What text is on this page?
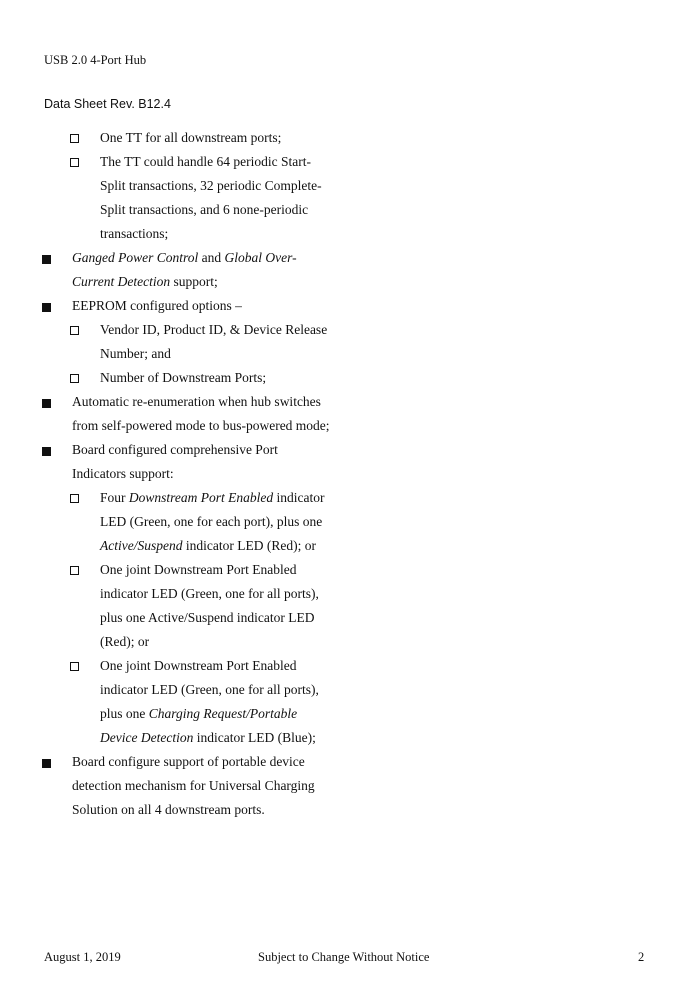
USB 2.0 4-Port Hub
Data Sheet Rev. B12.4
One TT for all downstream ports;
The TT could handle 64 periodic Start-Split transactions, 32 periodic Complete-Split transactions, and 6 none-periodic transactions;
Ganged Power Control and Global Over-Current Detection support;
EEPROM configured options –
Vendor ID, Product ID, & Device Release Number; and
Number of Downstream Ports;
Automatic re-enumeration when hub switches from self-powered mode to bus-powered mode;
Board configured comprehensive Port Indicators support:
Four Downstream Port Enabled indicator LED (Green, one for each port), plus one Active/Suspend indicator LED (Red); or
One joint Downstream Port Enabled indicator LED (Green, one for all ports), plus one Active/Suspend indicator LED (Red); or
One joint Downstream Port Enabled indicator LED (Green, one for all ports), plus one Charging Request/Portable Device Detection indicator LED (Blue);
Board configure support of portable device detection mechanism for Universal Charging Solution on all 4 downstream ports.
August 1, 2019	Subject to Change Without Notice	2
